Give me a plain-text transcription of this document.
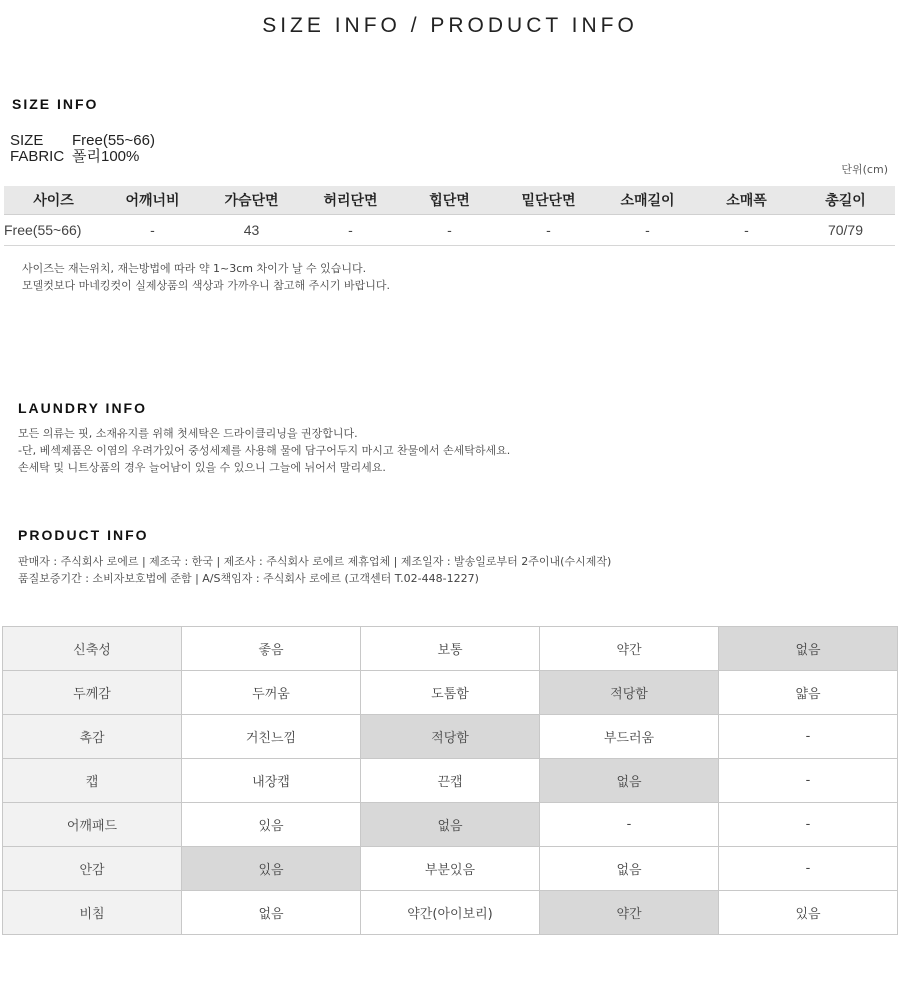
SIZE INFO / PRODUCT INFO
SIZE INFO
SIZE	Free(55~66)
FABRIC 폴리100%
단위(cm)
사이즈	어깨너비	가슴단면	허리단면	힙단면	밑단단면	소매길이	소매폭	총길이
Free(55~66)	-	43	-	-	-	-	-	70/79

사이즈는 재는위치, 재는방법에 따라 약 1~3cm 차이가 날 수 있습니다.

모델컷보다 마네킹컷이 실제상품의 색상과 가까우니 참고해 주시기 바랍니다.

LAUNDRY INFO

모든 의류는 핏, 소재유지를 위해 첫세탁은 드라이클리닝을 권장합니다.

-단, 베섹제품은 이염의 우려가있어 중성세제를 사용해 물에 담구어두지 마시고 찬물에서 손세탁하세요.

손세탁 및 니트상품의 경우 늘어남이 있을 수 있으니 그늘에 뉘어서 말리세요.

PRODUCT INFO

판매자 : 주식회사 로에르 | 제조국 : 한국 | 제조사 : 주식회사 로에르 제휴업체 | 제조일자 : 발송일로부터 2주이내(수시제작)

품질보증기간 : 소비자보호법에 준함 | A/S책임자 : 주식회사 로에르 (고객센터 T.02-448-1227)

신축성	좋음	보통	약간	없음
두께감	두꺼움	도톰함	적당함	얇음
촉감	거친느낌	적당함	부드러움	-
캡	내장캡	끈캡	없음	-
어깨패드	있음	없음	-	-
안감	있음	부분있음	없음	-
비침	없음	약간(아이보리)	약간	있음
